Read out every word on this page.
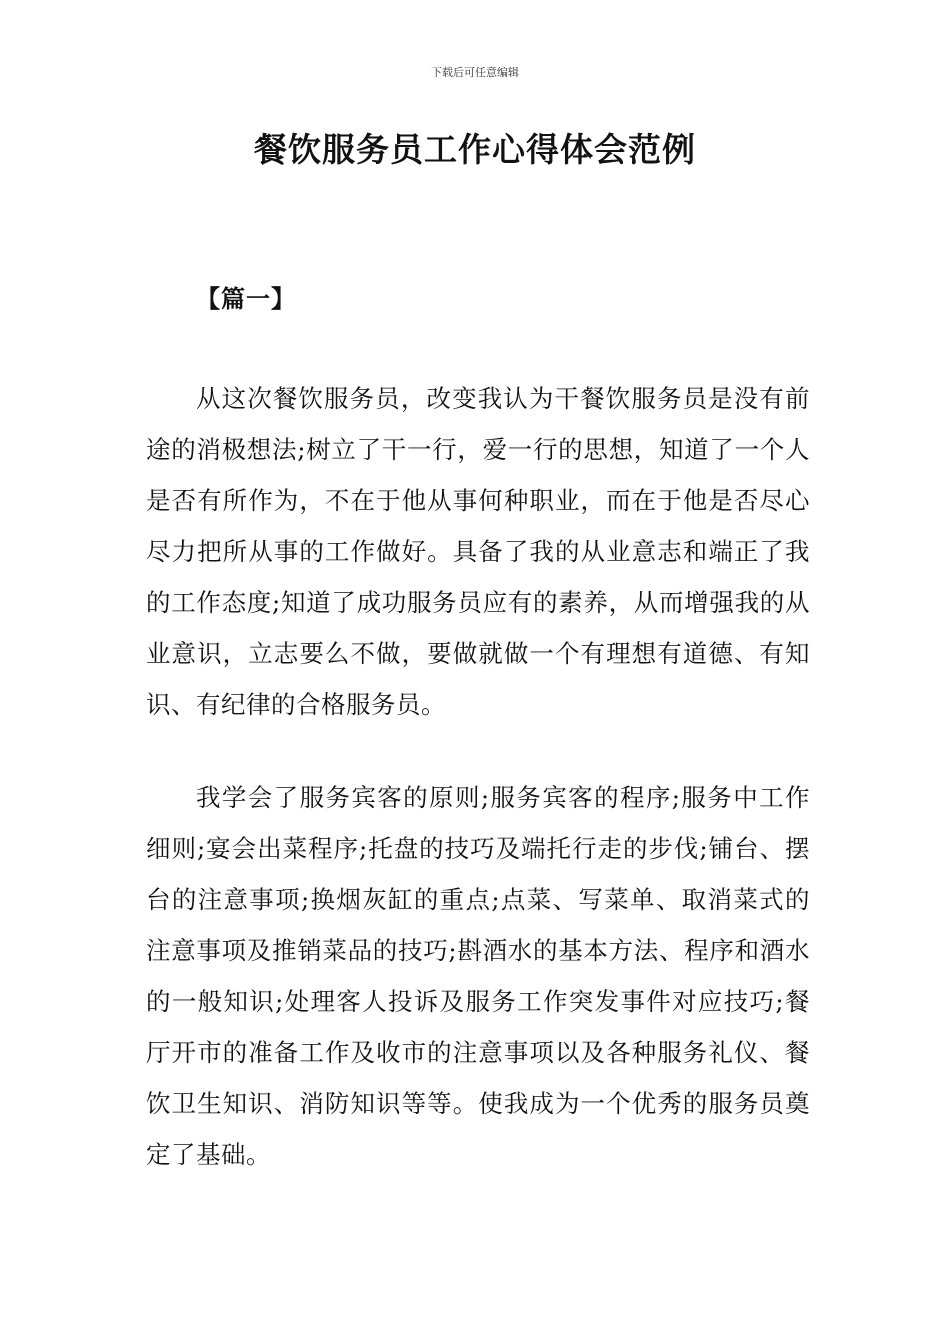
下载后可任意编辑
餐饮服务员工作心得体会范例
【篇一】

从这次餐饮服务员，改变我认为干餐饮服务员是没有前途的消极想法;树立了干一行，爱一行的思想，知道了一个人是否有所作为，不在于他从事何种职业，而在于他是否尽心尽力把所从事的工作做好。具备了我的从业意志和端正了我的工作态度;知道了成功服务员应有的素养，从而增强我的从业意识，立志要么不做，要做就做一个有理想有道德、有知识、有纪律的合格服务员。

我学会了服务宾客的原则;服务宾客的程序;服务中工作细则;宴会出菜程序;托盘的技巧及端托行走的步伐;铺台、摆台的注意事项;换烟灰缸的重点;点菜、写菜单、取消菜式的注意事项及推销菜品的技巧;斟酒水的基本方法、程序和酒水的一般知识;处理客人投诉及服务工作突发事件对应技巧;餐厅开市的准备工作及收市的注意事项以及各种服务礼仪、餐饮卫生知识、消防知识等等。使我成为一个优秀的服务员奠定了基础。
